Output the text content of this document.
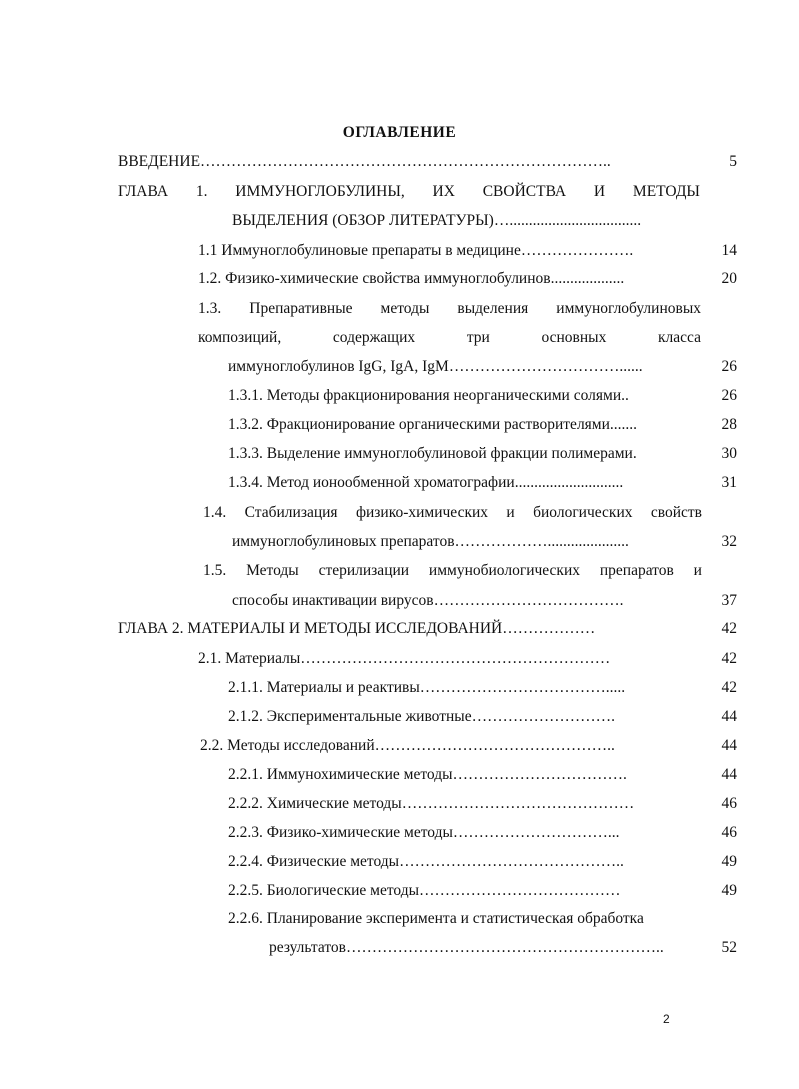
ОГЛАВЛЕНИЕ
ВВЕДЕНИЕ……………………………………………………………………..	5
ГЛАВА 1. ИММУНОГЛОБУЛИНЫ, ИХ СВОЙСТВА И МЕТОДЫ
ВЫДЕЛЕНИЯ (ОБЗОР ЛИТЕРАТУРЫ)…..................................
1.1 Иммуноглобулиновые препараты в медицине………………….	14
1.2. Физико-химические свойства иммуноглобулинов...................	20
1.3. Препаративные методы выделения иммуноглобулиновых
композиций,	содержащих	три	основных	класса
иммуноглобулинов IgG, IgA, IgM……………………………......	26
1.3.1. Методы фракционирования неорганическими солями..	26
1.3.2. Фракционирование органическими растворителями.......	28
1.3.3. Выделение иммуноглобулиновой фракции полимерами.	30
1.3.4. Метод ионообменной хроматографии............................	31
1.4. Стабилизация физико-химических и биологических свойств
иммуноглобулиновых препаратов……………….....................	32
1.5. Методы стерилизации иммунобиологических препаратов и
способы инактивации вирусов……………………………….	37
ГЛАВА 2. МАТЕРИАЛЫ И МЕТОДЫ ИССЛЕДОВАНИЙ………………	42
2.1. Материалы……………………………………………………	42
2.1.1. Материалы и реактивы……………………………….....	42
2.1.2. Экспериментальные животные……………………….	44
2.2. Методы исследований………………………………………..	44
2.2.1. Иммунохимические методы…………………………….	44
2.2.2. Химические методы………………………………………	46
2.2.3. Физико-химические методы…………………………...	46
2.2.4. Физические методы……………………………………..	49
2.2.5. Биологические методы…………………………………	49
2.2.6. Планирование эксперимента и статистическая обработка
результатов……………………………………………………..	52
2
